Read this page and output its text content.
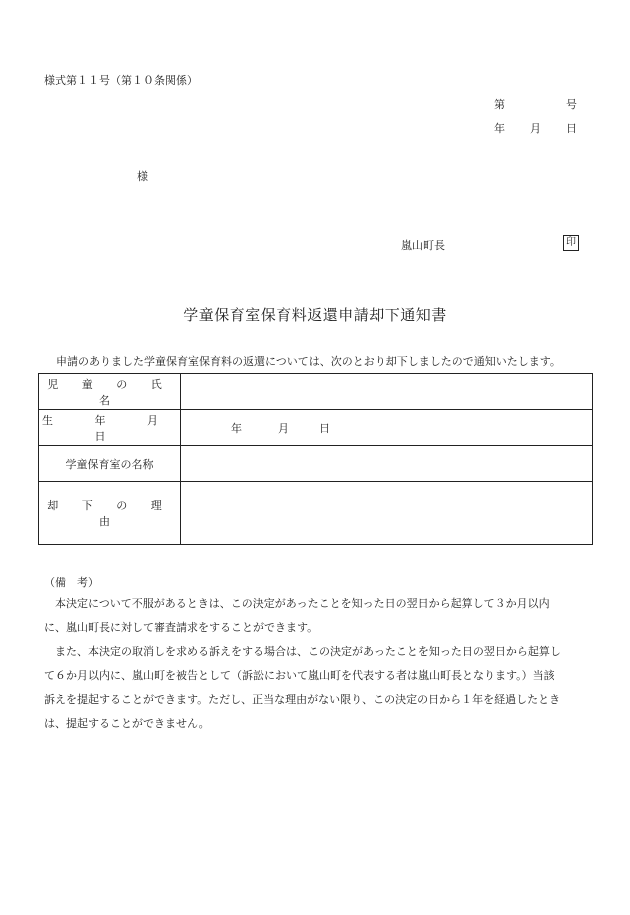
様式第１１号（第１０条関係）
第	号
年 月 日
様
嵐山町長	印
学童保育室保育料返還申請却下通知書
申請のありました学童保育室保育料の返還については、次のとおり却下しましたので通知いたします。
児 童 の 氏 名	
生 年 月 日	年 月 日
学童保育室の名称	
却 下 の 理 由	
（備　考）
本決定について不服があるときは、この決定があったことを知った日の翌日から起算して３か月以内
に、嵐山町長に対して審査請求をすることができます。
また、本決定の取消しを求める訴えをする場合は、この決定があったことを知った日の翌日から起算し
て６か月以内に、嵐山町を被告として（訴訟において嵐山町を代表する者は嵐山町長となります。）当該
訴えを提起することができます。ただし、正当な理由がない限り、この決定の日から１年を経過したとき
は、提起することができません。
